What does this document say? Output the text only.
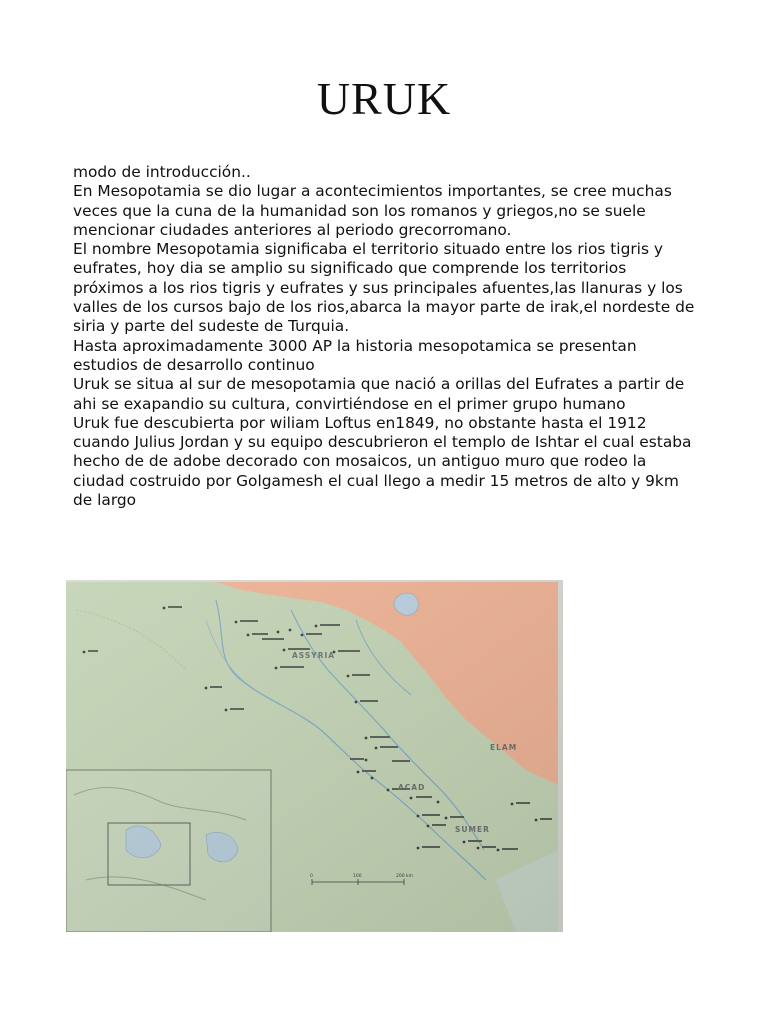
URUK

modo de introducción..

En Mesopotamia se dio lugar a acontecimientos importantes, se cree muchas veces que la cuna de la humanidad son los romanos y griegos,no se suele mencionar ciudades anteriores al periodo grecorromano.

El nombre Mesopotamia significaba el territorio situado entre los rios tigris y eufrates, hoy dia se amplio su significado que comprende los territorios próximos a los rios tigris y eufrates y sus principales afuentes,las llanuras y los valles de los cursos bajo de los rios,abarca la mayor parte de irak,el nordeste de siria y parte del sudeste de Turquia.

Hasta aproximadamente 3000 AP la historia mesopotamica se presentan estudios de desarrollo continuo

Uruk se situa al sur de mesopotamia que nació a orillas del Eufrates a partir de ahi se exapandio su cultura, convirtiéndose en el primer grupo humano

Uruk fue descubierta por wiliam Loftus en1849, no obstante hasta el 1912 cuando Julius Jordan y su equipo descubrieron el templo de Ishtar el cual estaba hecho de de adobe decorado con mosaicos, un antiguo muro que rodeo la ciudad costruido por Golgamesh el cual llego a medir 15 metros de alto y 9km de largo
